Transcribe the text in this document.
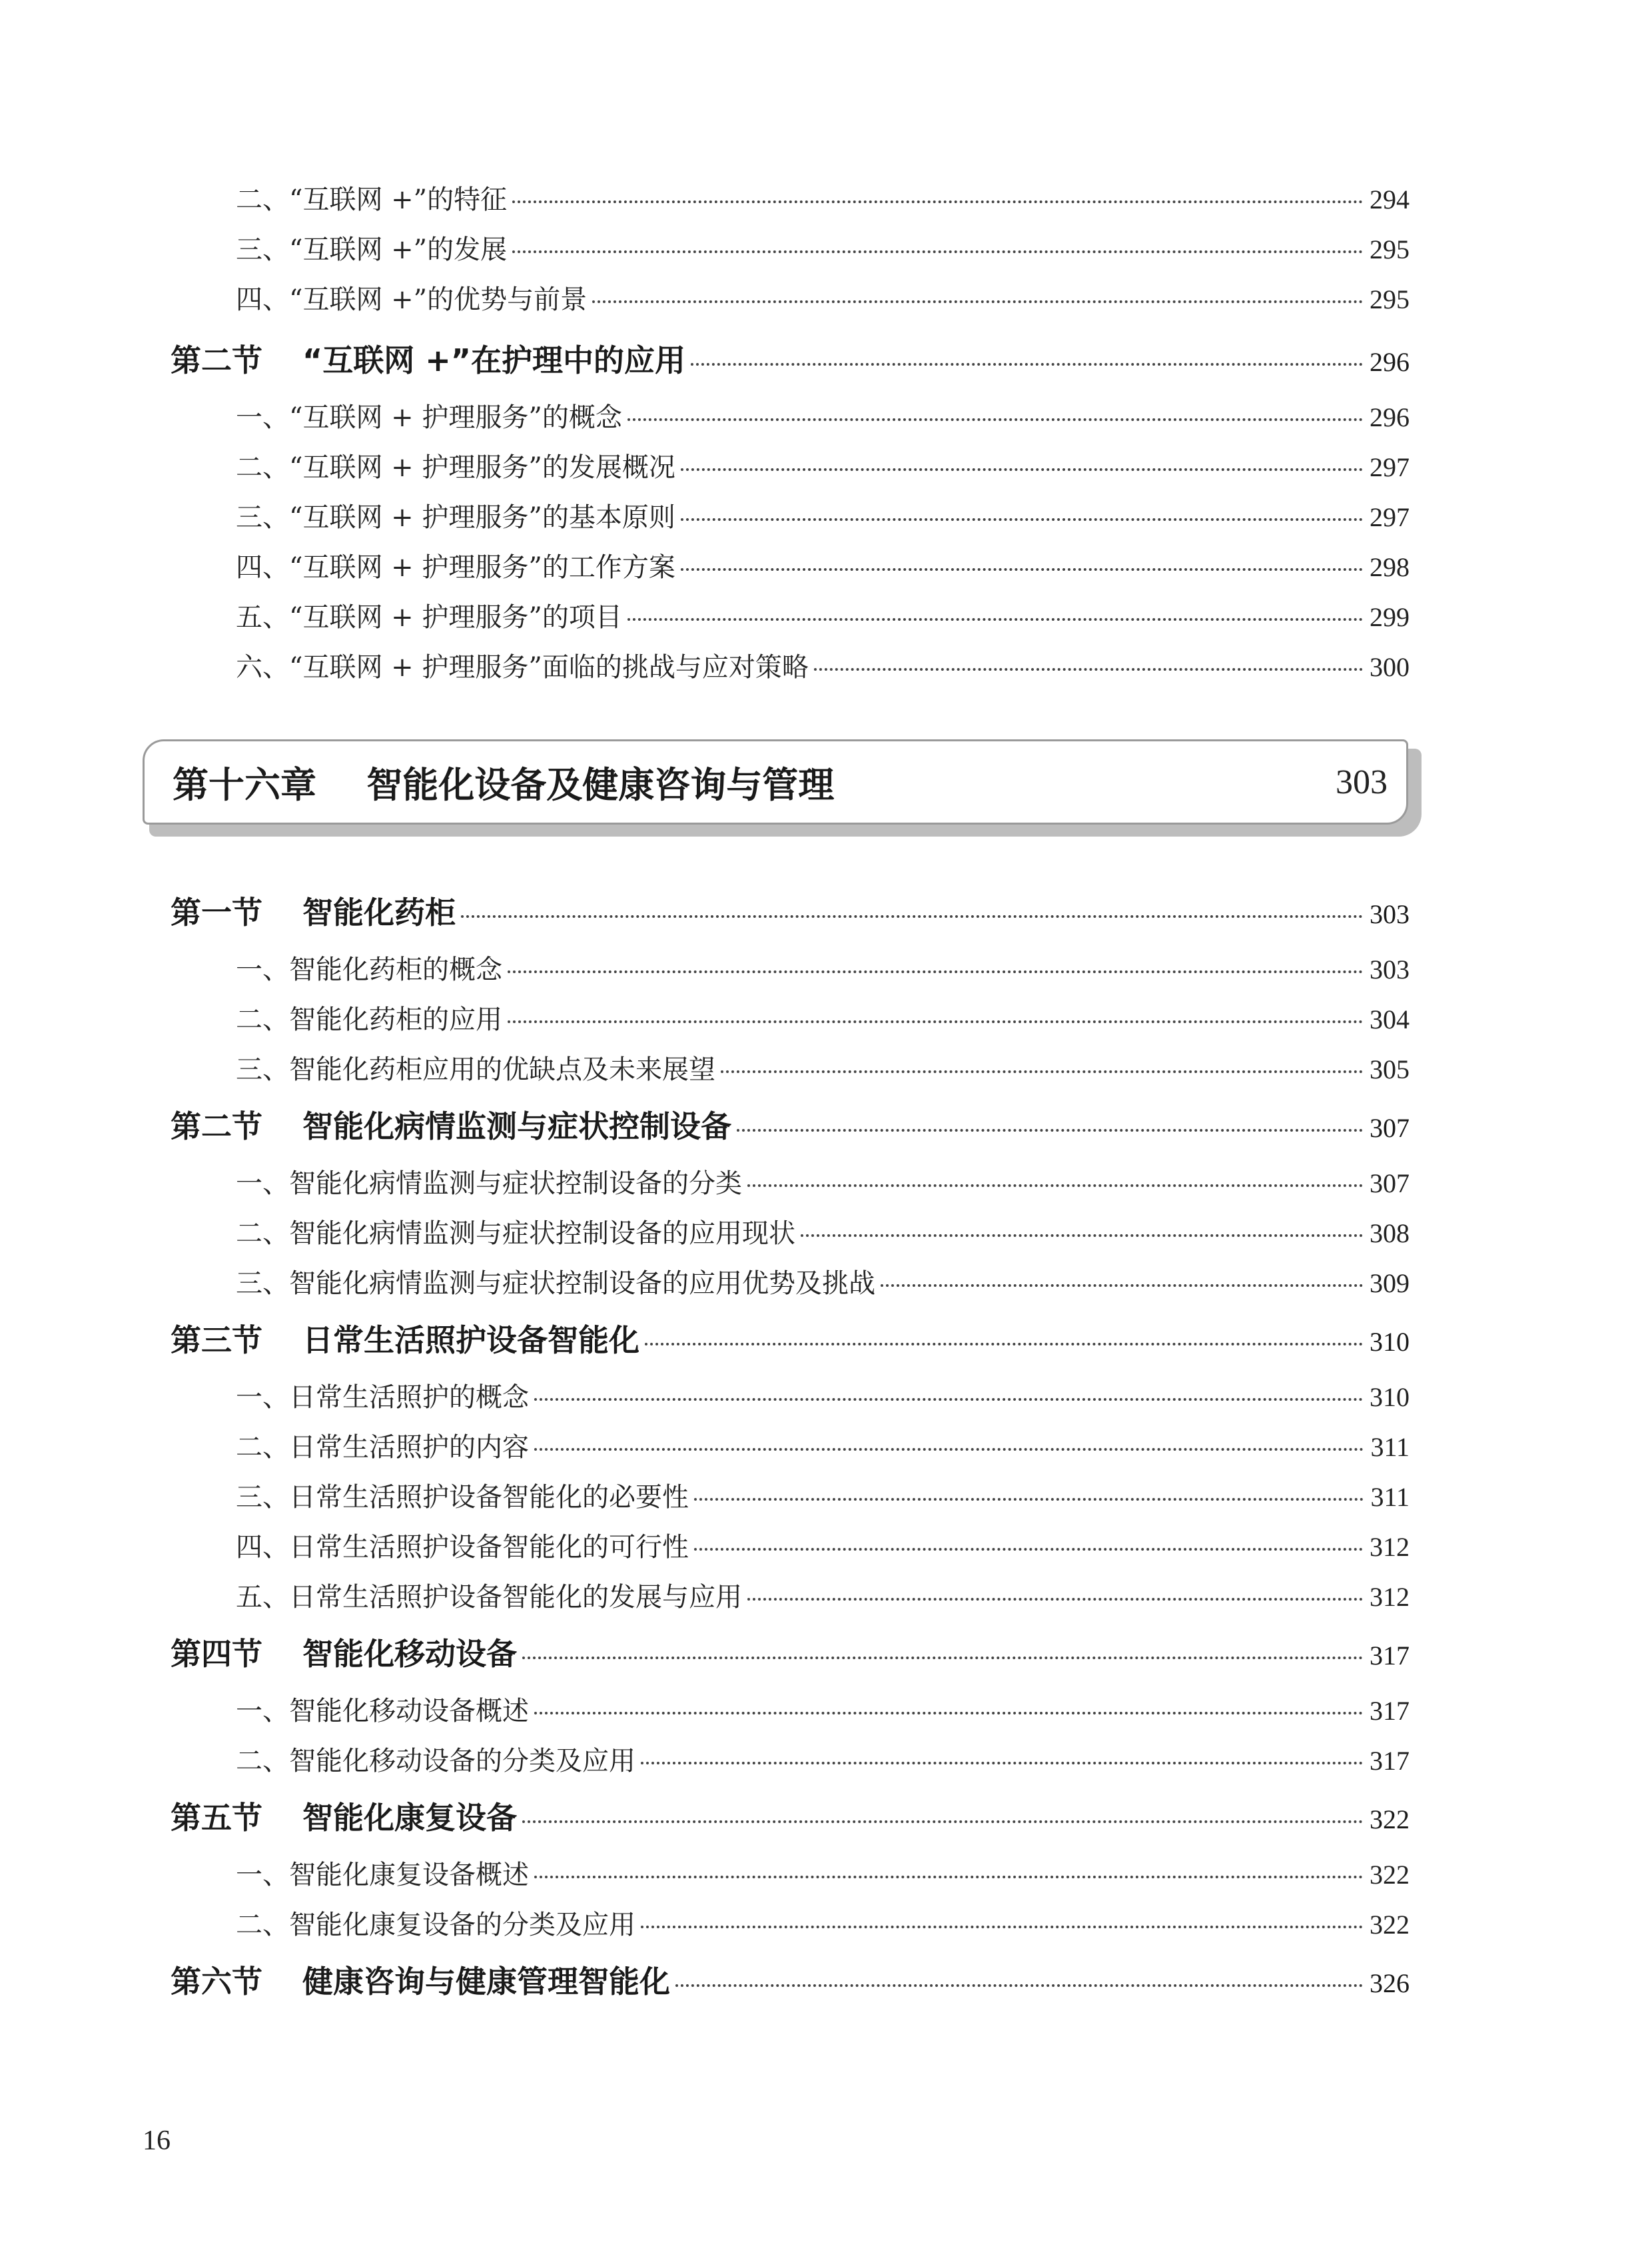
二、“互联网 +”的特征	294
三、“互联网 +”的发展	295
四、“互联网 +”的优势与前景	295
第二节 “互联网 +”在护理中的应用	296
一、“互联网 + 护理服务”的概念	296
二、“互联网 + 护理服务”的发展概况	297
三、“互联网 + 护理服务”的基本原则	297
四、“互联网 + 护理服务”的工作方案	298
五、“互联网 + 护理服务”的项目	299
六、“互联网 + 护理服务”面临的挑战与应对策略	300
第十六章    智能化设备及健康咨询与管理	303
第一节 智能化药柜	303
一、智能化药柜的概念	303
二、智能化药柜的应用	304
三、智能化药柜应用的优缺点及未来展望	305
第二节 智能化病情监测与症状控制设备	307
一、智能化病情监测与症状控制设备的分类	307
二、智能化病情监测与症状控制设备的应用现状	308
三、智能化病情监测与症状控制设备的应用优势及挑战	309
第三节 日常生活照护设备智能化	310
一、日常生活照护的概念	310
二、日常生活照护的内容	311
三、日常生活照护设备智能化的必要性	311
四、日常生活照护设备智能化的可行性	312
五、日常生活照护设备智能化的发展与应用	312
第四节 智能化移动设备	317
一、智能化移动设备概述	317
二、智能化移动设备的分类及应用	317
第五节 智能化康复设备	322
一、智能化康复设备概述	322
二、智能化康复设备的分类及应用	322
第六节 健康咨询与健康管理智能化	326
16
